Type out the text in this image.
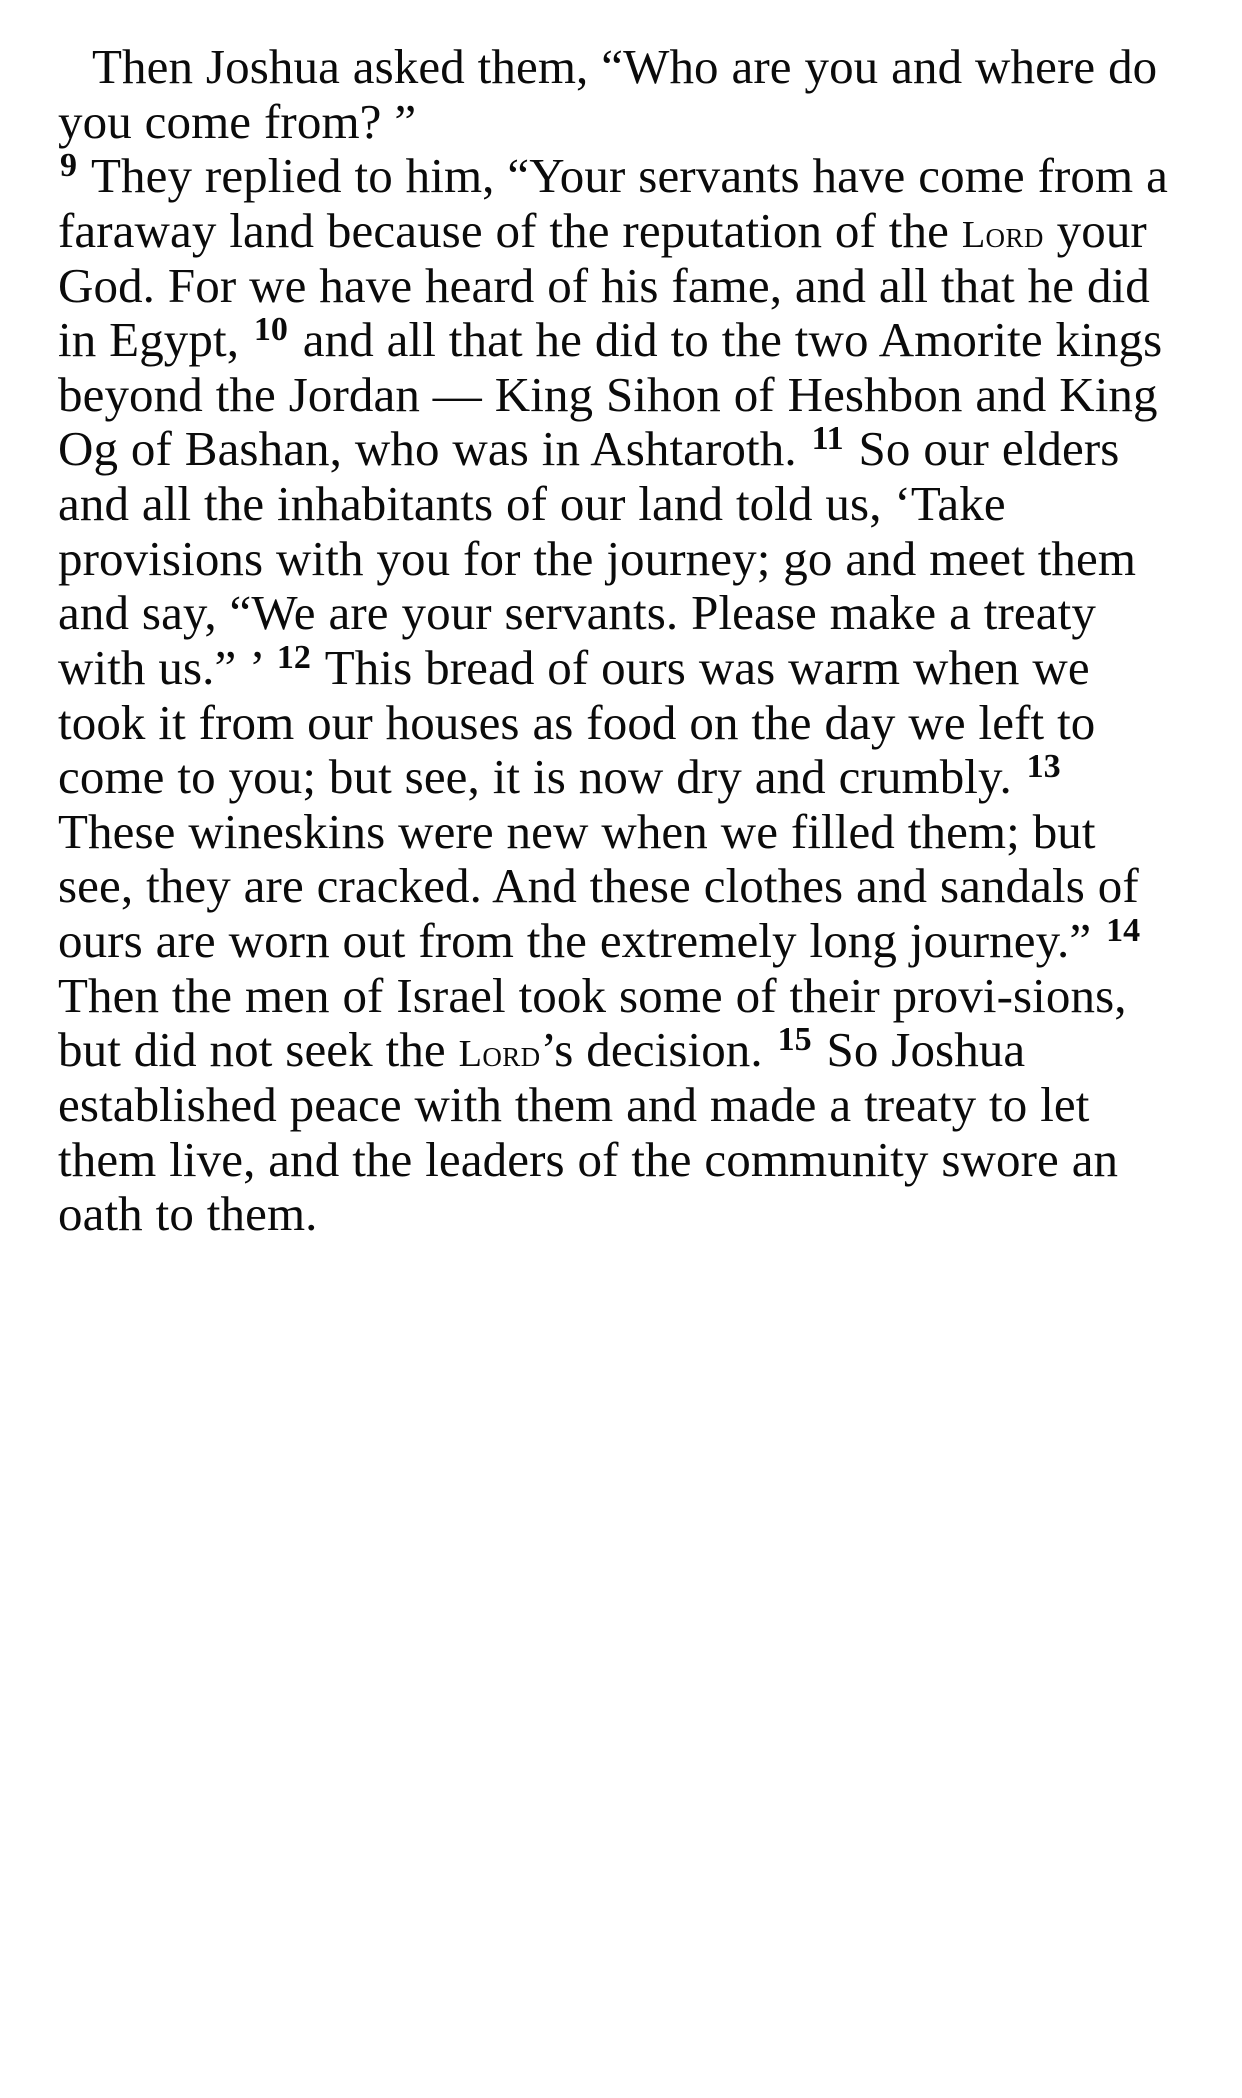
Then Joshua asked them, “Who are you and where do you come from? ”
$^9$ They replied to him, “Your servants have come from a faraway land because of the reputation of the Lord your God. For we have heard of his fame, and all that he did in Egypt, $^{10}$ and all that he did to the two Amorite kings beyond the Jordan — King Sihon of Heshbon and King Og of Bashan, who was in Ashtaroth. $^{11}$ So our elders and all the inhabitants of our land told us, ‘Take provisions with you for the journey; go and meet them and say, “We are your servants. Please make a treaty with us.” ’ $^{12}$ This bread of ours was warm when we took it from our houses as food on the day we left to come to you; but see, it is now dry and crumbly. $^{13}$ These wineskins were new when we filled them; but see, they are cracked. And these clothes and sandals of ours are worn out from the extremely long journey.” $^{14}$ Then the men of Israel took some of their provi-sions, but did not seek the Lord’s decision. $^{15}$ So Joshua established peace with them and made a treaty to let them live, and the leaders of the community swore an oath to them.
